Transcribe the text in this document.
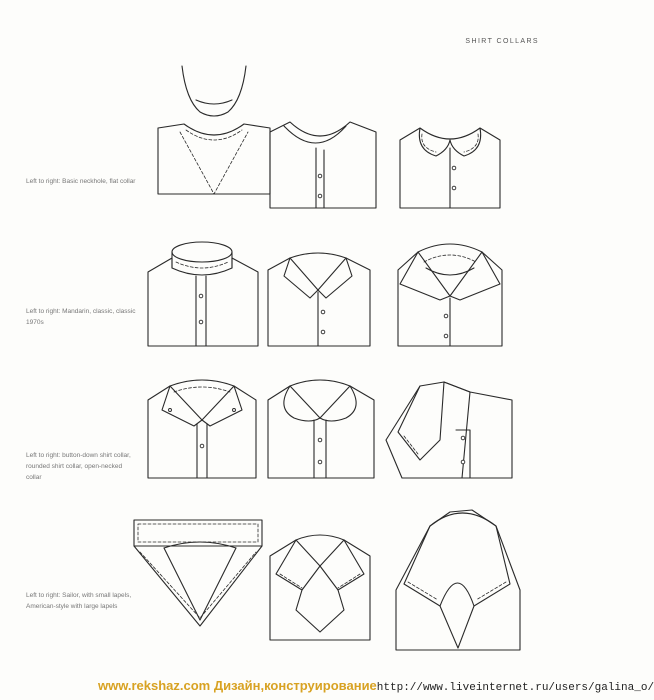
SHIRT COLLARS
Left to right: Basic neckhole, flat collar
Left to right: Mandarin, classic, classic 1970s
Left to right: button-down shirt collar, rounded shirt collar, open-necked collar
Left to right: Sailor, with small lapels, American-style with large lapels
www.rekshaz.com Дизайн,конструированиеhttp://www.liveinternet.ru/users/galina_o/
